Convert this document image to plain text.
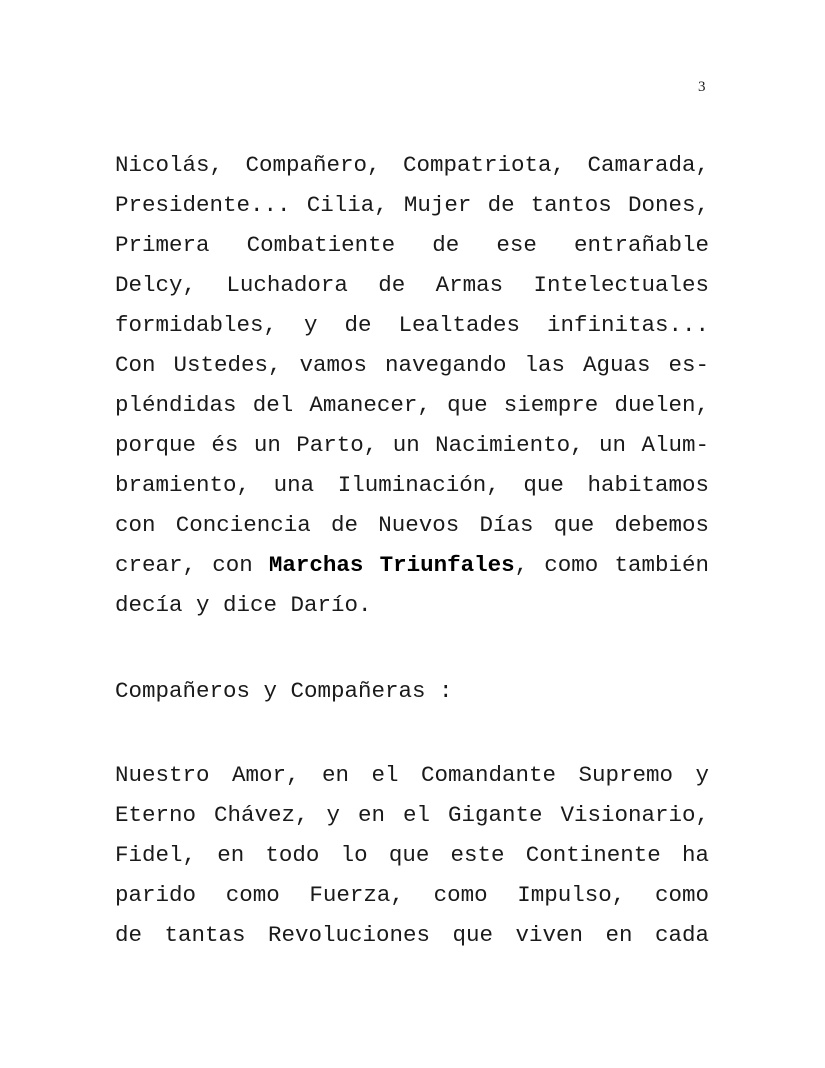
3
Nicolás, Compañero, Compatriota, Camarada,
Presidente... Cilia, Mujer de tantos Dones,
Primera Combatiente de ese entrañable
Delcy, Luchadora de Armas Intelectuales
formidables, y de Lealtades infinitas...
Con Ustedes, vamos navegando las Aguas es-
pléndidas del Amanecer, que siempre duelen,
porque és un Parto, un Nacimiento, un Alum-
bramiento, una Iluminación, que habitamos
con Conciencia de Nuevos Días que debemos
crear, con Marchas Triunfales, como también
decía y dice Darío.
Compañeros y Compañeras :
Nuestro Amor, en el Comandante Supremo y
Eterno Chávez, y en el Gigante Visionario,
Fidel, en todo lo que este Continente ha
parido como Fuerza, como Impulso, como
de tantas Revoluciones que viven en cada
